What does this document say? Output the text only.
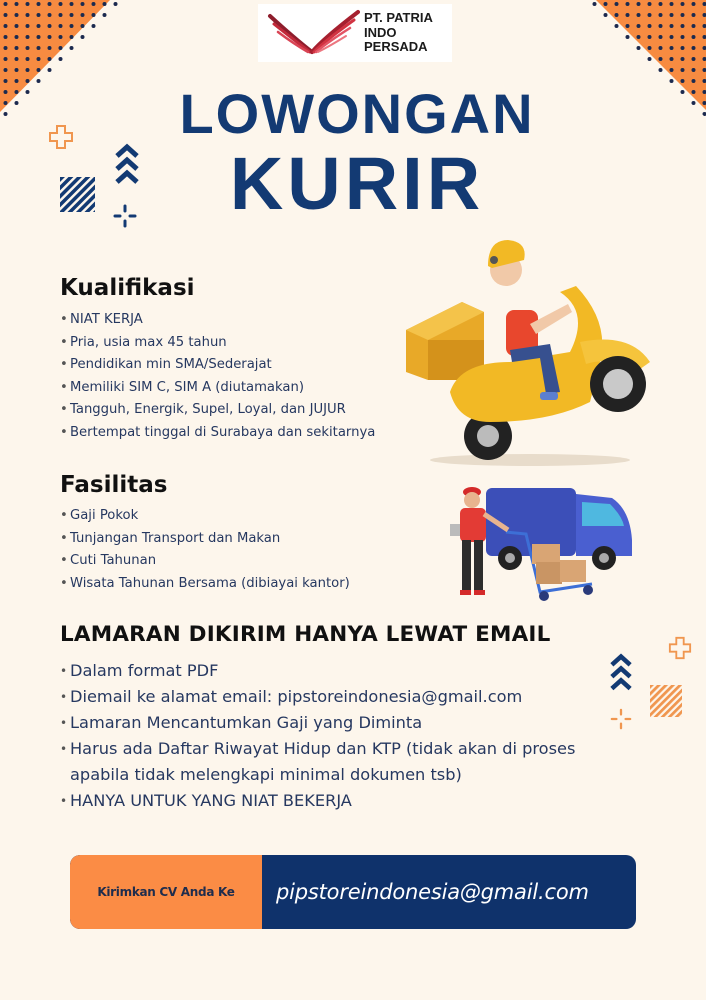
PT. PATRIA
INDO
PERSADA
LOWONGAN
KURIR
Kualifikasi
• NIAT KERJA
• Pria, usia max 45 tahun
• Pendidikan min SMA/Sederajat
• Memiliki SIM C, SIM A (diutamakan)
• Tangguh, Energik, Supel, Loyal, dan JUJUR
• Bertempat tinggal di Surabaya dan sekitarnya
Fasilitas
• Gaji Pokok
• Tunjangan Transport dan Makan
• Cuti Tahunan
• Wisata Tahunan Bersama (dibiayai kantor)
LAMARAN DIKIRIM HANYA LEWAT EMAIL
• Dalam format PDF
• Diemail ke alamat email: pipstoreindonesia@gmail.com
• Lamaran Mencantumkan Gaji yang Diminta
• Harus ada Daftar Riwayat Hidup dan KTP (tidak akan di proses apabila tidak melengkapi minimal dokumen tsb)
• HANYA UNTUK YANG NIAT BEKERJA
Kirimkan CV Anda Ke	pipstoreindonesia@gmail.com
